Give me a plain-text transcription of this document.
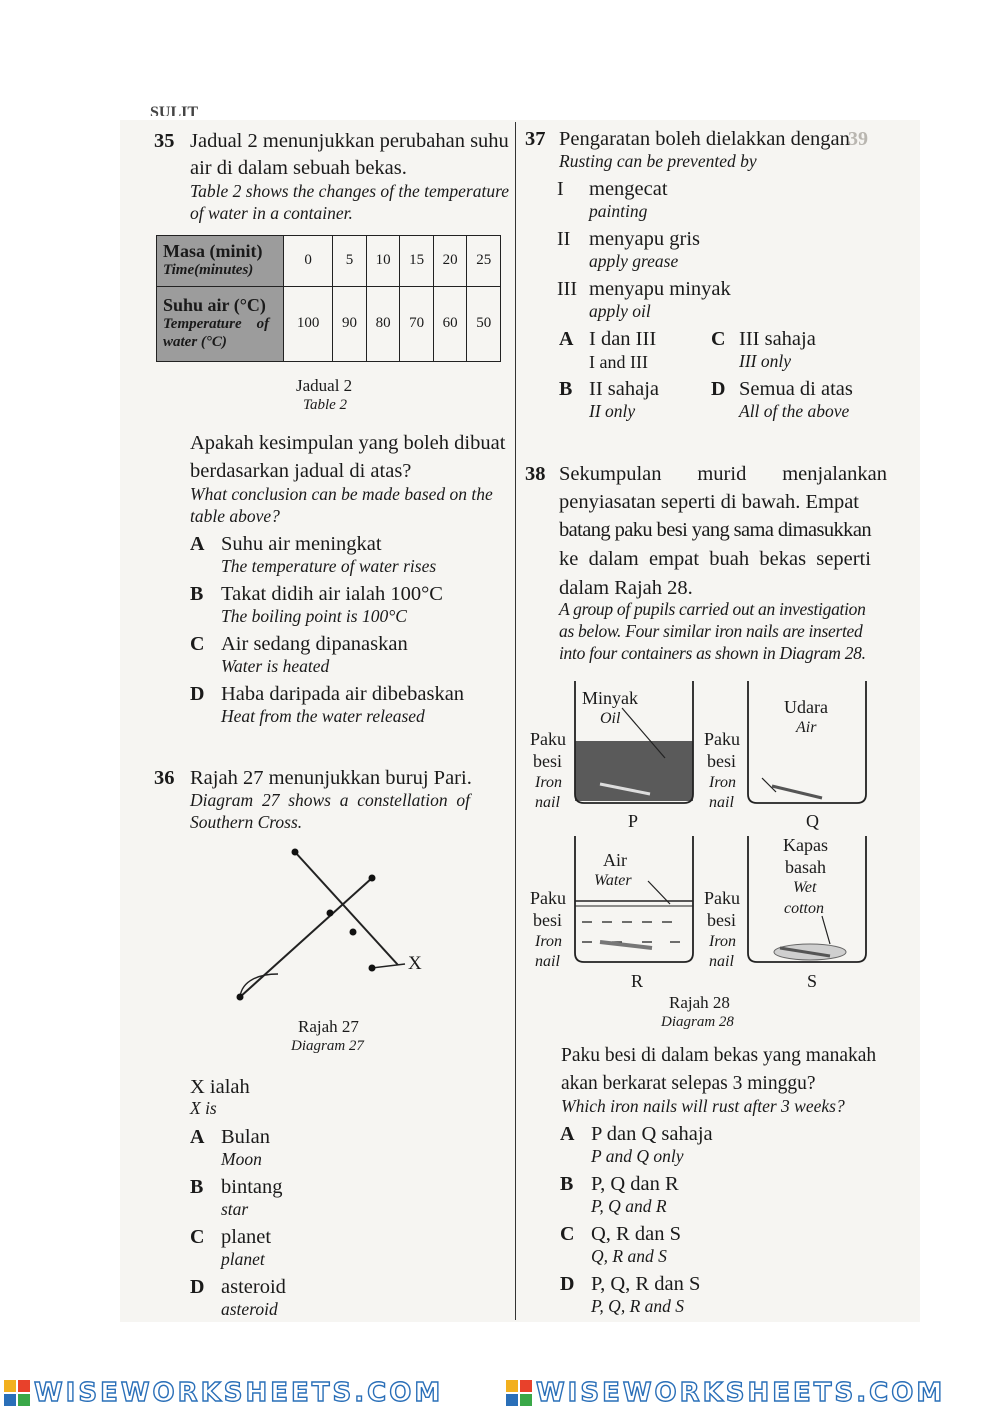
SULIT
39
35 Jadual 2 menunjukkan perubahan suhu
air di dalam sebuah bekas.
Table 2 shows the changes of the temperature
of water in a container.
Masa (minit)
Time(minutes)	0	5	10	15	20	25

Suhu air (°C)
Temperature    of
water (°C)	100	90	80	70	60	50
Jadual 2
Table 2
Apakah kesimpulan yang boleh dibuat
berdasarkan jadual di atas?
What conclusion can be made based on the
table above?
A Suhu air meningkat
The temperature of water rises
B Takat didih air ialah 100°C
The boiling point is 100°C
C Air sedang dipanaskan
Water is heated
D Haba daripada air dibebaskan
Heat from the water released
36 Rajah 27 menunjukkan buruj Pari.
Diagram  27  shows  a  constellation  of
Southern Cross.
X
Rajah 27
Diagram 27
X ialah
X is
A Bulan
Moon
B bintang
star
C planet
planet
D asteroid
asteroid
37 Pengaratan boleh dielakkan dengan
Rusting can be prevented by
I mengecat
painting
II menyapu gris
apply grease
III menyapu minyak
apply oil
A I dan III
I and III
C III sahaja
III only
B II sahaja
II only
D Semua di atas
All of the above
38 Sekumpulan       murid       menjalankan
penyiasatan seperti di bawah. Empat
batang paku besi yang sama dimasukkan
ke  dalam  empat  buah  bekas  seperti
dalam Rajah 28.
A group of pupils carried out an investigation
as below. Four similar iron nails are inserted
into four containers as shown in Diagram 28.
Minyak
Oil
Paku
besi
Iron
nail
P
Udara
Air
Paku
besi
Iron
nail
Q
Air
Water
Paku
besi
Iron
nail
R
Kapas
basah
Wet
cotton
Paku
besi
Iron
nail
S
Rajah 28
Diagram 28
Paku besi di dalam bekas yang manakah
akan berkarat selepas 3 minggu?
Which iron nails will rust after 3 weeks?
A P dan Q sahaja
P and Q only
B P, Q dan R
P, Q and R
C Q, R dan S
Q, R and S
D P, Q, R dan S
P, Q, R and S
WISEWORKSHEETS.COM	WISEWORKSHEETS.COM
